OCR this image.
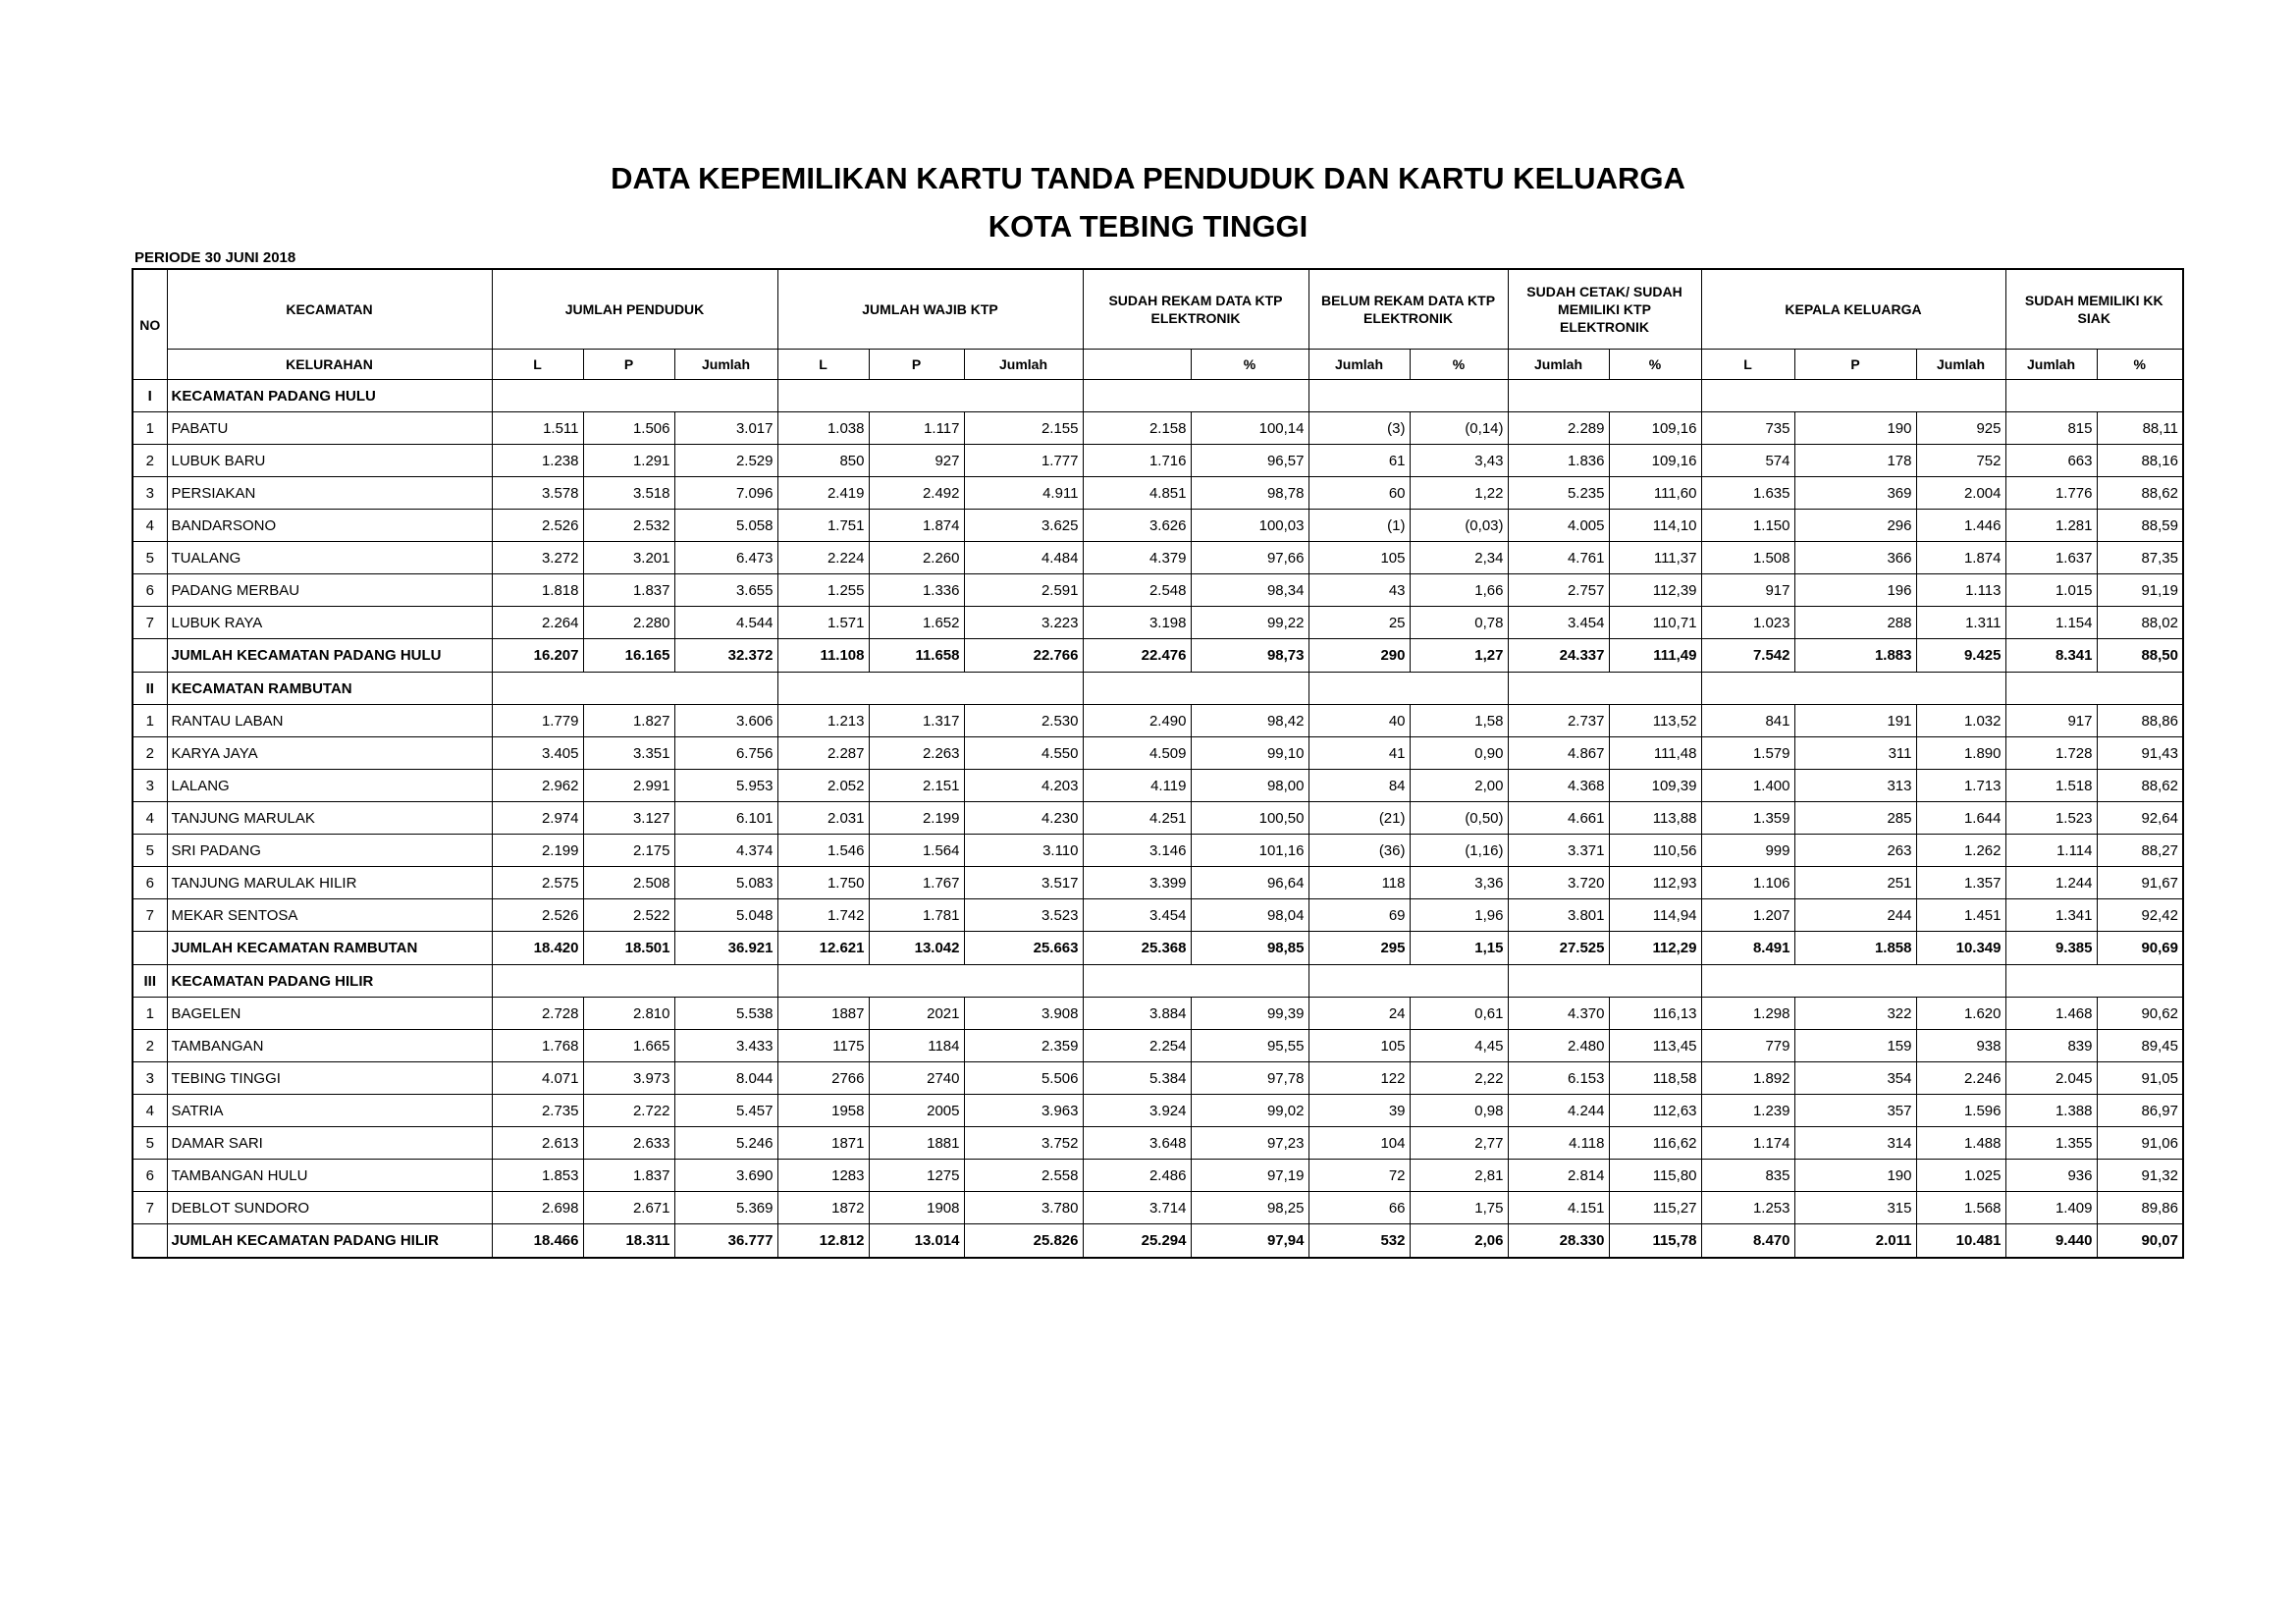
DATA KEPEMILIKAN KARTU TANDA PENDUDUK DAN KARTU KELUARGA
KOTA TEBING TINGGI
PERIODE 30 JUNI 2018
NO	KECAMATAN	JUMLAH PENDUDUK			JUMLAH WAJIB KTP			SUDAH REKAM DATA KTP ELEKTRONIK		BELUM REKAM DATA KTP ELEKTRONIK		SUDAH CETAK/ SUDAH MEMILIKI KTP ELEKTRONIK		KEPALA KELUARGA			SUDAH MEMILIKI KK SIAK	
	KELURAHAN	L	P	Jumlah	L	P	Jumlah		%	Jumlah	%	Jumlah	%	L	P	Jumlah	Jumlah	%
I	KECAMATAN PADANG HULU																	
1	PABATU	1.511	1.506	3.017	1.038	1.117	2.155	2.158	100,14	(3)	(0,14)	2.289	109,16	735	190	925	815	88,11
2	LUBUK BARU	1.238	1.291	2.529	850	927	1.777	1.716	96,57	61	3,43	1.836	109,16	574	178	752	663	88,16
3	PERSIAKAN	3.578	3.518	7.096	2.419	2.492	4.911	4.851	98,78	60	1,22	5.235	111,60	1.635	369	2.004	1.776	88,62
4	BANDARSONO	2.526	2.532	5.058	1.751	1.874	3.625	3.626	100,03	(1)	(0,03)	4.005	114,10	1.150	296	1.446	1.281	88,59
5	TUALANG	3.272	3.201	6.473	2.224	2.260	4.484	4.379	97,66	105	2,34	4.761	111,37	1.508	366	1.874	1.637	87,35
6	PADANG MERBAU	1.818	1.837	3.655	1.255	1.336	2.591	2.548	98,34	43	1,66	2.757	112,39	917	196	1.113	1.015	91,19
7	LUBUK RAYA	2.264	2.280	4.544	1.571	1.652	3.223	3.198	99,22	25	0,78	3.454	110,71	1.023	288	1.311	1.154	88,02
	JUMLAH KECAMATAN PADANG HULU	16.207	16.165	32.372	11.108	11.658	22.766	22.476	98,73	290	1,27	24.337	111,49	7.542	1.883	9.425	8.341	88,50
II	KECAMATAN RAMBUTAN																	
1	RANTAU LABAN	1.779	1.827	3.606	1.213	1.317	2.530	2.490	98,42	40	1,58	2.737	113,52	841	191	1.032	917	88,86
2	KARYA JAYA	3.405	3.351	6.756	2.287	2.263	4.550	4.509	99,10	41	0,90	4.867	111,48	1.579	311	1.890	1.728	91,43
3	LALANG	2.962	2.991	5.953	2.052	2.151	4.203	4.119	98,00	84	2,00	4.368	109,39	1.400	313	1.713	1.518	88,62
4	TANJUNG MARULAK	2.974	3.127	6.101	2.031	2.199	4.230	4.251	100,50	(21)	(0,50)	4.661	113,88	1.359	285	1.644	1.523	92,64
5	SRI PADANG	2.199	2.175	4.374	1.546	1.564	3.110	3.146	101,16	(36)	(1,16)	3.371	110,56	999	263	1.262	1.114	88,27
6	TANJUNG MARULAK HILIR	2.575	2.508	5.083	1.750	1.767	3.517	3.399	96,64	118	3,36	3.720	112,93	1.106	251	1.357	1.244	91,67
7	MEKAR SENTOSA	2.526	2.522	5.048	1.742	1.781	3.523	3.454	98,04	69	1,96	3.801	114,94	1.207	244	1.451	1.341	92,42
	JUMLAH KECAMATAN RAMBUTAN	18.420	18.501	36.921	12.621	13.042	25.663	25.368	98,85	295	1,15	27.525	112,29	8.491	1.858	10.349	9.385	90,69
III	KECAMATAN PADANG HILIR																	
1	BAGELEN	2.728	2.810	5.538	1887	2021	3.908	3.884	99,39	24	0,61	4.370	116,13	1.298	322	1.620	1.468	90,62
2	TAMBANGAN	1.768	1.665	3.433	1175	1184	2.359	2.254	95,55	105	4,45	2.480	113,45	779	159	938	839	89,45
3	TEBING TINGGI	4.071	3.973	8.044	2766	2740	5.506	5.384	97,78	122	2,22	6.153	118,58	1.892	354	2.246	2.045	91,05
4	SATRIA	2.735	2.722	5.457	1958	2005	3.963	3.924	99,02	39	0,98	4.244	112,63	1.239	357	1.596	1.388	86,97
5	DAMAR SARI	2.613	2.633	5.246	1871	1881	3.752	3.648	97,23	104	2,77	4.118	116,62	1.174	314	1.488	1.355	91,06
6	TAMBANGAN HULU	1.853	1.837	3.690	1283	1275	2.558	2.486	97,19	72	2,81	2.814	115,80	835	190	1.025	936	91,32
7	DEBLOT SUNDORO	2.698	2.671	5.369	1872	1908	3.780	3.714	98,25	66	1,75	4.151	115,27	1.253	315	1.568	1.409	89,86
	JUMLAH KECAMATAN PADANG HILIR	18.466	18.311	36.777	12.812	13.014	25.826	25.294	97,94	532	2,06	28.330	115,78	8.470	2.011	10.481	9.440	90,07
